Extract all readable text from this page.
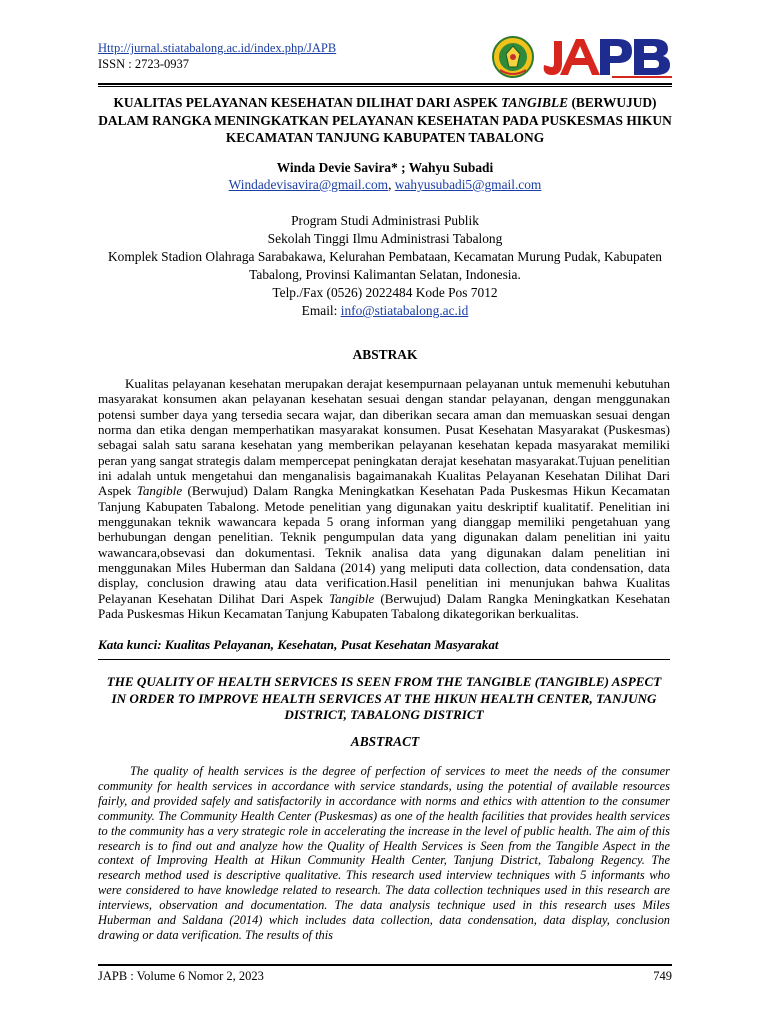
Http://jurnal.stiatabalong.ac.id/index.php/JAPB
ISSN : 2723-0937
KUALITAS PELAYANAN KESEHATAN DILIHAT DARI ASPEK TANGIBLE (BERWUJUD)
DALAM RANGKA MENINGKATKAN PELAYANAN KESEHATAN PADA PUSKESMAS HIKUN
KECAMATAN TANJUNG KABUPATEN TABALONG
Winda Devie Savira* ; Wahyu Subadi
Windadevisavira@gmail.com, wahyusubadi5@gmail.com
Program Studi Administrasi Publik
Sekolah Tinggi Ilmu Administrasi Tabalong
Komplek Stadion Olahraga Sarabakawa, Kelurahan Pembataan, Kecamatan Murung Pudak, Kabupaten
Tabalong, Provinsi Kalimantan Selatan, Indonesia.
Telp./Fax (0526) 2022484 Kode Pos 7012
Email: info@stiatabalong.ac.id
ABSTRAK
Kualitas pelayanan kesehatan merupakan derajat kesempurnaan pelayanan untuk memenuhi kebutuhan masyarakat konsumen akan pelayanan kesehatan sesuai dengan standar pelayanan, dengan menggunakan potensi sumber daya yang tersedia secara wajar, dan diberikan secara aman dan memuaskan sesuai dengan norma dan etika dengan memperhatikan masyarakat konsumen. Pusat Kesehatan Masyarakat (Puskesmas) sebagai salah satu sarana kesehatan yang memberikan pelayanan kesehatan kepada masyarakat memiliki peran yang sangat strategis dalam mempercepat peningkatan derajat kesehatan masyarakat.Tujuan penelitian ini adalah untuk mengetahui dan menganalisis bagaimanakah Kualitas Pelayanan Kesehatan Dilihat Dari Aspek Tangible (Berwujud) Dalam Rangka Meningkatkan Kesehatan Pada Puskesmas Hikun Kecamatan Tanjung Kabupaten Tabalong. Metode penelitian yang digunakan yaitu deskriptif kualitatif. Penelitian ini menggunakan teknik wawancara kepada 5 orang informan yang dianggap memiliki pengetahuan yang berhubungan dengan penelitian. Teknik pengumpulan data yang digunakan dalam penelitian ini yaitu wawancara,obsevasi dan dokumentasi. Teknik analisa data yang digunakan dalam penelitian ini menggunakan Miles Huberman dan Saldana (2014) yang meliputi data collection, data condensation, data display, conclusion drawing atau data verification.Hasil penelitian ini menunjukan bahwa Kualitas Pelayanan Kesehatan Dilihat Dari Aspek Tangible (Berwujud) Dalam Rangka Meningkatkan Kesehatan Pada Puskesmas Hikun Kecamatan Tanjung Kabupaten Tabalong dikategorikan berkualitas.
Kata kunci: Kualitas Pelayanan, Kesehatan, Pusat Kesehatan Masyarakat
THE QUALITY OF HEALTH SERVICES IS SEEN FROM THE TANGIBLE (TANGIBLE) ASPECT
IN ORDER TO IMPROVE HEALTH SERVICES AT THE HIKUN HEALTH CENTER, TANJUNG
DISTRICT, TABALONG DISTRICT
ABSTRACT
The quality of health services is the degree of perfection of services to meet the needs of the consumer community for health services in accordance with service standards, using the potential of available resources fairly, and provided safely and satisfactorily in accordance with norms and ethics with attention to the consumer community. The Community Health Center (Puskesmas) as one of the health facilities that provides health services to the community has a very strategic role in accelerating the increase in the level of public health. The aim of this research is to find out and analyze how the Quality of Health Services is Seen from the Tangible Aspect in the context of Improving Health at Hikun Community Health Center, Tanjung District, Tabalong Regency. The research method used is descriptive qualitative. This research used interview techniques with 5 informants who were considered to have knowledge related to research. The data collection techniques used in this research are interviews, observation and documentation. The data analysis technique used in this research uses Miles Huberman and Saldana (2014) which includes data collection, data condensation, data display, conclusion drawing or data verification. The results of this
JAPB : Volume 6 Nomor 2, 2023	749
